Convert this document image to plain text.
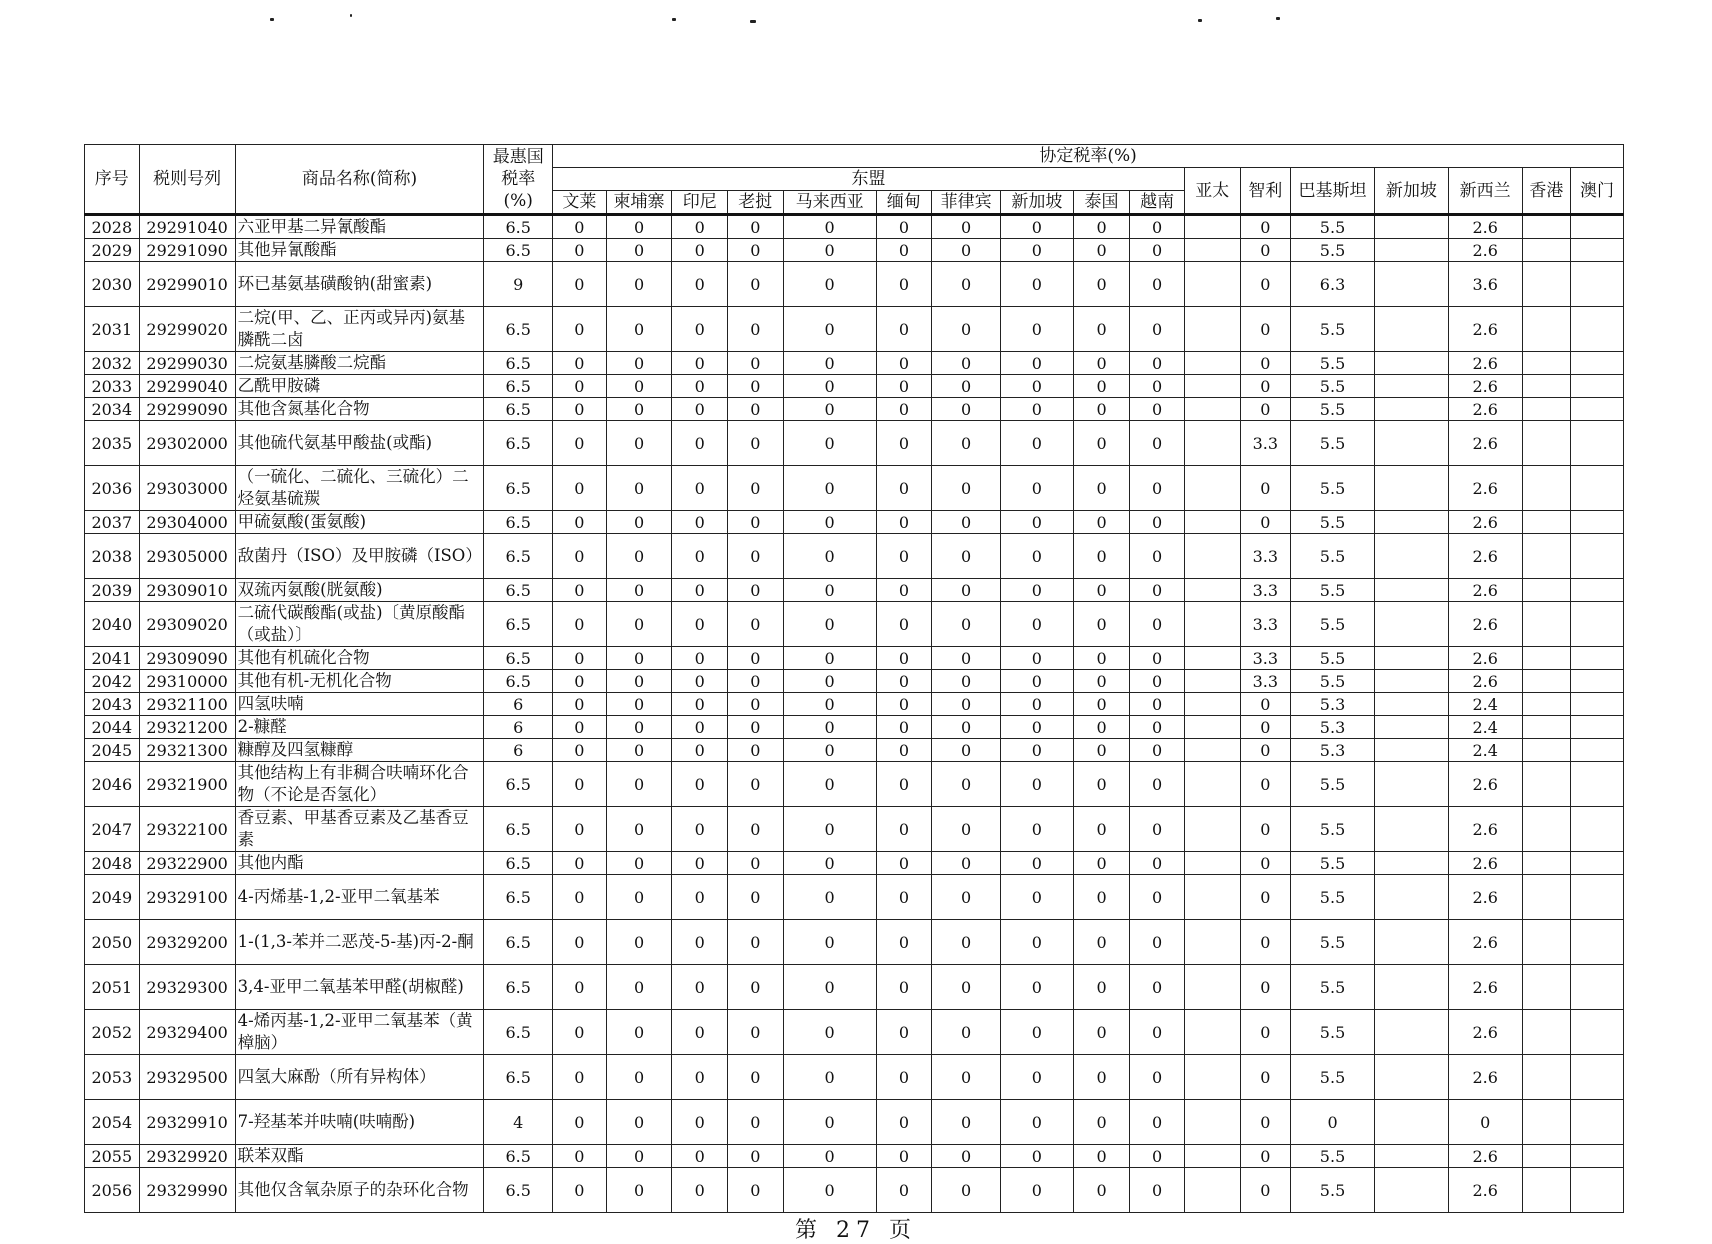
序号	税则号列	商品名称(简称)	最惠国
税率
(%)	协定税率(%)																
				东盟										亚太	智利	巴基斯坦	新加坡	新西兰	香港	澳门
				文莱	柬埔寨	印尼	老挝	马来西亚	缅甸	菲律宾	新加坡	泰国	越南							
2028	29291040	六亚甲基二异氰酸酯	6.5	0	0	0	0	0	0	0	0	0	0		0	5.5		2.6		
2029	29291090	其他异氰酸酯	6.5	0	0	0	0	0	0	0	0	0	0		0	5.5		2.6		
2030	29299010	环已基氨基磺酸钠(甜蜜素)	9	0	0	0	0	0	0	0	0	0	0		0	6.3		3.6		
2031	29299020	二烷(甲、乙、正丙或异丙)氨基膦酰二卤	6.5	0	0	0	0	0	0	0	0	0	0		0	5.5		2.6		
2032	29299030	二烷氨基膦酸二烷酯	6.5	0	0	0	0	0	0	0	0	0	0		0	5.5		2.6		
2033	29299040	乙酰甲胺磷	6.5	0	0	0	0	0	0	0	0	0	0		0	5.5		2.6		
2034	29299090	其他含氮基化合物	6.5	0	0	0	0	0	0	0	0	0	0		0	5.5		2.6		
2035	29302000	其他硫代氨基甲酸盐(或酯)	6.5	0	0	0	0	0	0	0	0	0	0		3.3	5.5		2.6		
2036	29303000	（一硫化、二硫化、三硫化）二烃氨基硫羰	6.5	0	0	0	0	0	0	0	0	0	0		0	5.5		2.6		
2037	29304000	甲硫氨酸(蛋氨酸)	6.5	0	0	0	0	0	0	0	0	0	0		0	5.5		2.6		
2038	29305000	敌菌丹（ISO）及甲胺磷（ISO）	6.5	0	0	0	0	0	0	0	0	0	0		3.3	5.5		2.6		
2039	29309010	双巯丙氨酸(胱氨酸)	6.5	0	0	0	0	0	0	0	0	0	0		3.3	5.5		2.6		
2040	29309020	二硫代碳酸酯(或盐)〔黄原酸酯（或盐）〕	6.5	0	0	0	0	0	0	0	0	0	0		3.3	5.5		2.6		
2041	29309090	其他有机硫化合物	6.5	0	0	0	0	0	0	0	0	0	0		3.3	5.5		2.6		
2042	29310000	其他有机-无机化合物	6.5	0	0	0	0	0	0	0	0	0	0		3.3	5.5		2.6		
2043	29321100	四氢呋喃	6	0	0	0	0	0	0	0	0	0	0		0	5.3		2.4		
2044	29321200	2-糠醛	6	0	0	0	0	0	0	0	0	0	0		0	5.3		2.4		
2045	29321300	糠醇及四氢糠醇	6	0	0	0	0	0	0	0	0	0	0		0	5.3		2.4		
2046	29321900	其他结构上有非稠合呋喃环化合物（不论是否氢化）	6.5	0	0	0	0	0	0	0	0	0	0		0	5.5		2.6		
2047	29322100	香豆素、甲基香豆素及乙基香豆素	6.5	0	0	0	0	0	0	0	0	0	0		0	5.5		2.6		
2048	29322900	其他内酯	6.5	0	0	0	0	0	0	0	0	0	0		0	5.5		2.6		
2049	29329100	4-丙烯基-1,2-亚甲二氧基苯	6.5	0	0	0	0	0	0	0	0	0	0		0	5.5		2.6		
2050	29329200	1-(1,3-苯并二恶茂-5-基)丙-2-酮	6.5	0	0	0	0	0	0	0	0	0	0		0	5.5		2.6		
2051	29329300	3,4-亚甲二氧基苯甲醛(胡椒醛)	6.5	0	0	0	0	0	0	0	0	0	0		0	5.5		2.6		
2052	29329400	4-烯丙基-1,2-亚甲二氧基苯（黄樟脑）	6.5	0	0	0	0	0	0	0	0	0	0		0	5.5		2.6		
2053	29329500	四氢大麻酚（所有异构体）	6.5	0	0	0	0	0	0	0	0	0	0		0	5.5		2.6		
2054	29329910	7-羟基苯并呋喃(呋喃酚)	4	0	0	0	0	0	0	0	0	0	0		0	0		0		
2055	29329920	联苯双酯	6.5	0	0	0	0	0	0	0	0	0	0		0	5.5		2.6		
2056	29329990	其他仅含氧杂原子的杂环化合物	6.5	0	0	0	0	0	0	0	0	0	0		0	5.5		2.6		
第 27 页
